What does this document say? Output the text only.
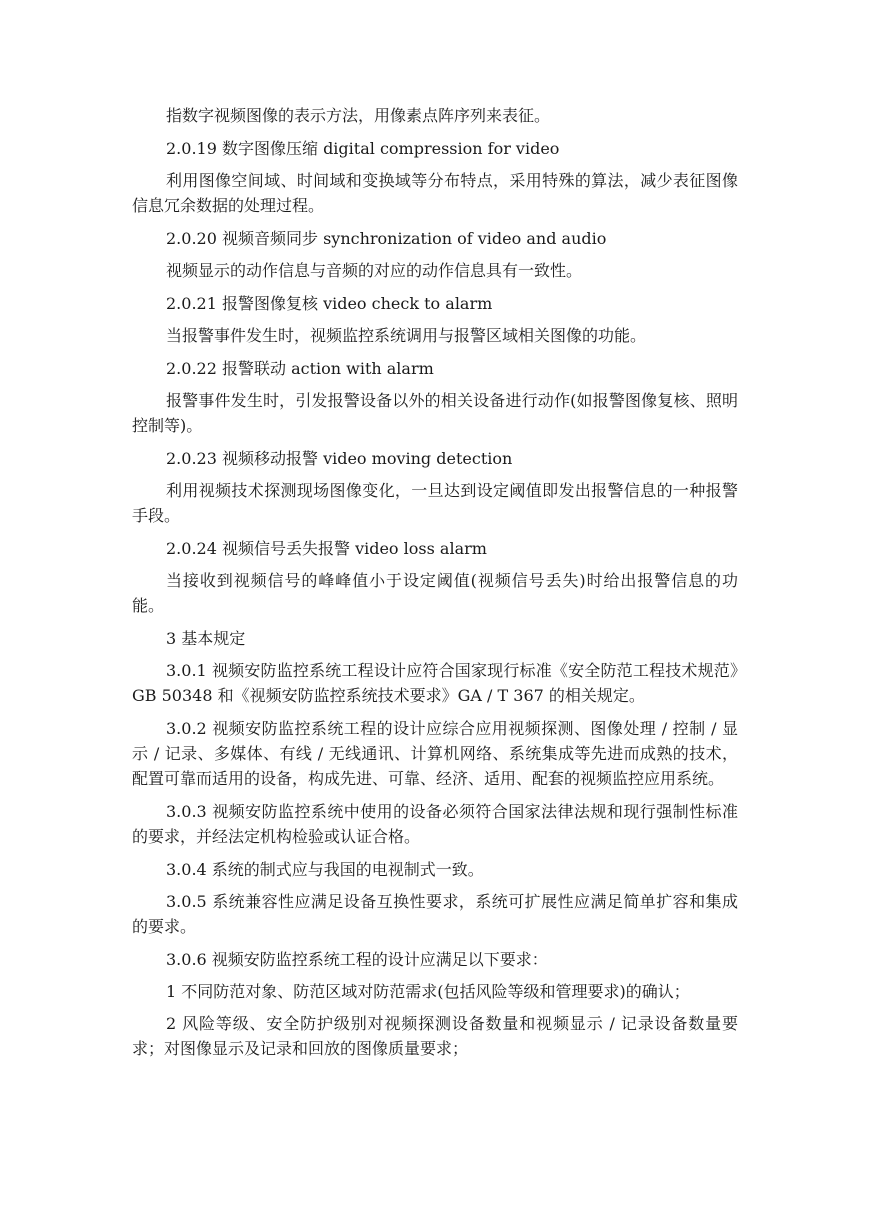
指数字视频图像的表示方法，用像素点阵序列来表征。

2.0.19 数字图像压缩 digital compression for video

利用图像空间域、时间域和变换域等分布特点，采用特殊的算法，减少表征图像信息冗余数据的处理过程。

2.0.20 视频音频同步 synchronization of video and audio

视频显示的动作信息与音频的对应的动作信息具有一致性。

2.0.21 报警图像复核 video check to alarm

当报警事件发生时，视频监控系统调用与报警区域相关图像的功能。

2.0.22 报警联动 action with alarm

报警事件发生时，引发报警设备以外的相关设备进行动作(如报警图像复核、照明控制等)。

2.0.23 视频移动报警 video moving detection

利用视频技术探测现场图像变化，一旦达到设定阈值即发出报警信息的一种报警手段。

2.0.24 视频信号丢失报警 video loss alarm

当接收到视频信号的峰峰值小于设定阈值(视频信号丢失)时给出报警信息的功能。

3 基本规定

3.0.1 视频安防监控系统工程设计应符合国家现行标准《安全防范工程技术规范》GB 50348 和《视频安防监控系统技术要求》GA / T 367 的相关规定。

3.0.2 视频安防监控系统工程的设计应综合应用视频探测、图像处理 / 控制 / 显示 / 记录、多媒体、有线 / 无线通讯、计算机网络、系统集成等先进而成熟的技术，配置可靠而适用的设备，构成先进、可靠、经济、适用、配套的视频监控应用系统。

3.0.3 视频安防监控系统中使用的设备必须符合国家法律法规和现行强制性标准的要求，并经法定机构检验或认证合格。

3.0.4 系统的制式应与我国的电视制式一致。

3.0.5 系统兼容性应满足设备互换性要求，系统可扩展性应满足简单扩容和集成的要求。

3.0.6 视频安防监控系统工程的设计应满足以下要求：

1 不同防范对象、防范区域对防范需求(包括风险等级和管理要求)的确认；

2 风险等级、安全防护级别对视频探测设备数量和视频显示 / 记录设备数量要求；对图像显示及记录和回放的图像质量要求；
